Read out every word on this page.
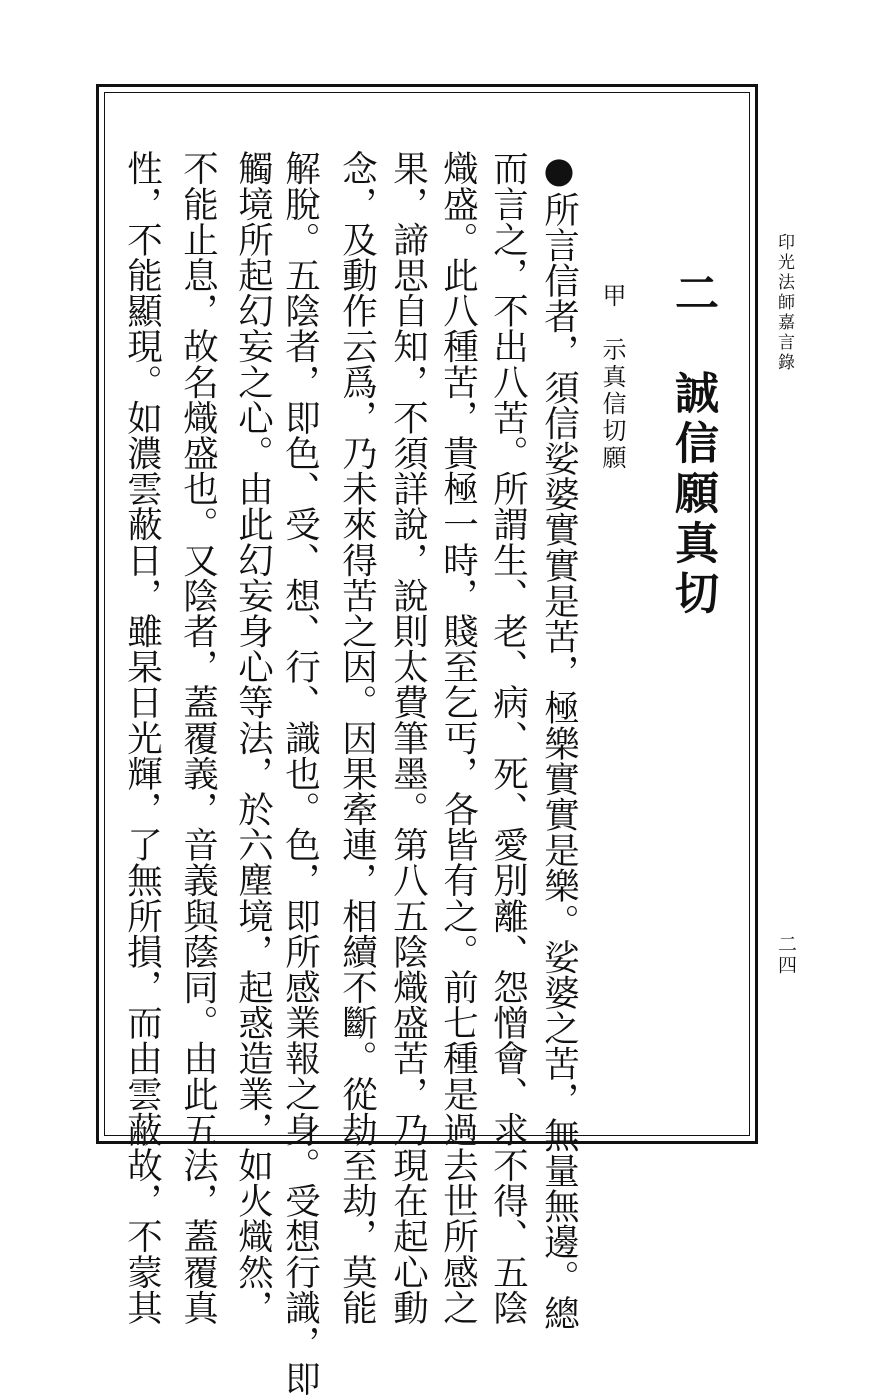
印光法師嘉言錄
二四
二　誠信願真切
甲　示真信切願
●所言信者，須信娑婆實實是苦，極樂實實是樂。娑婆之苦，無量無邊。總
而言之，不出八苦。所謂生、老、病、死、愛別離、怨憎會、求不得、五陰
熾盛。此八種苦，貴極一時，賤至乞丐，各皆有之。前七種是過去世所感之
果，諦思自知，不須詳說，說則太費筆墨。第八五陰熾盛苦，乃現在起心動
念，及動作云爲，乃未來得苦之因。因果牽連，相續不斷。從劫至劫，莫能
解脫。五陰者，即色、受、想、行、識也。色，即所感業報之身。受想行識，即
觸境所起幻妄之心。由此幻妄身心等法，於六塵境，起惑造業，如火熾然，
不能止息，故名熾盛也。又陰者，蓋覆義，音義與蔭同。由此五法，蓋覆真
性，不能顯現。如濃雲蔽日，雖杲日光輝，了無所損，而由雲蔽故，不蒙其
